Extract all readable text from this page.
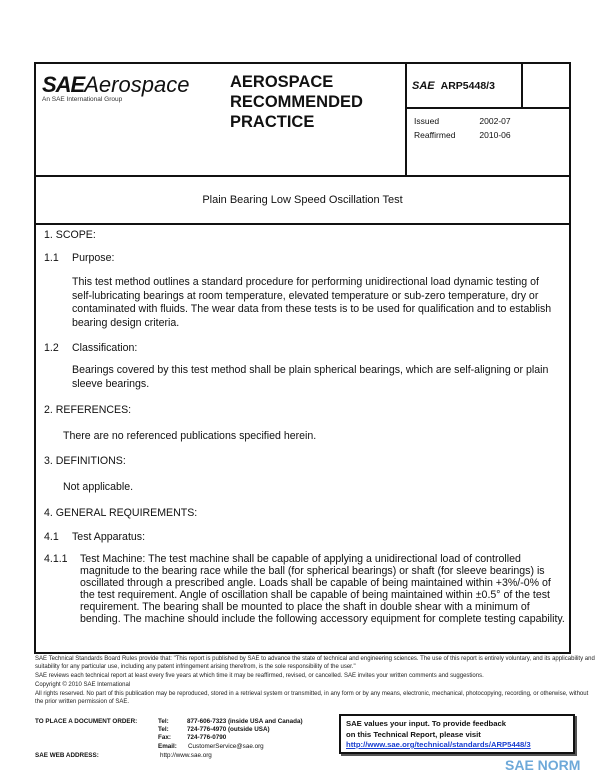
SAEAerospace
An SAE International Group
AEROSPACE
RECOMMENDED
PRACTICE
SAE ARP5448/3
Issued	2002-07
Reaffirmed	2010-06
Plain Bearing Low Speed Oscillation Test
1. SCOPE:
1.1 Purpose:
This test method outlines a standard procedure for performing unidirectional load dynamic testing of self-lubricating bearings at room temperature, elevated temperature or sub-zero temperature, dry or contaminated with fluids. The wear data from these tests is to be used for qualification and to establish bearing design criteria.
1.2 Classification:
Bearings covered by this test method shall be plain spherical bearings, which are self-aligning or plain sleeve bearings.
2. REFERENCES:
There are no referenced publications specified herein.
3. DEFINITIONS:
Not applicable.
4. GENERAL REQUIREMENTS:
4.1 Test Apparatus:
4.1.1 Test Machine: The test machine shall be capable of applying a unidirectional load of controlled magnitude to the bearing race while the ball (for spherical bearings) or shaft (for sleeve bearings) is oscillated through a prescribed angle. Loads shall be capable of being maintained within +3%/-0% of the test requirement. Angle of oscillation shall be capable of being maintained within ±0.5° of the test requirement. The bearing shall be mounted to place the shaft in double shear with a minimum of bending. The machine should include the following accessory equipment for complete testing capability.
SAE Technical Standards Board Rules provide that: "This report is published by SAE to advance the state of technical and engineering sciences. The use of this report is entirely voluntary, and its applicability and suitability for any particular use, including any patent infringement arising therefrom, is the sole responsibility of the user."
SAE reviews each technical report at least every five years at which time it may be reaffirmed, revised, or cancelled. SAE invites your written comments and suggestions.
Copyright © 2010 SAE International
All rights reserved. No part of this publication may be reproduced, stored in a retrieval system or transmitted, in any form or by any means, electronic, mechanical, photocopying, recording, or otherwise, without the prior written permission of SAE.
TO PLACE A DOCUMENT ORDER:	Tel:	877-606-7323 (inside USA and Canada)
Tel:	724-776-4970 (outside USA)
Fax:	724-776-0790
Email: CustomerService@sae.org
SAE WEB ADDRESS:	http://www.sae.org
SAE values your input. To provide feedback
on this Technical Report, please visit
http://www.sae.org/technical/standards/ARP5448/3
SAE NORM
